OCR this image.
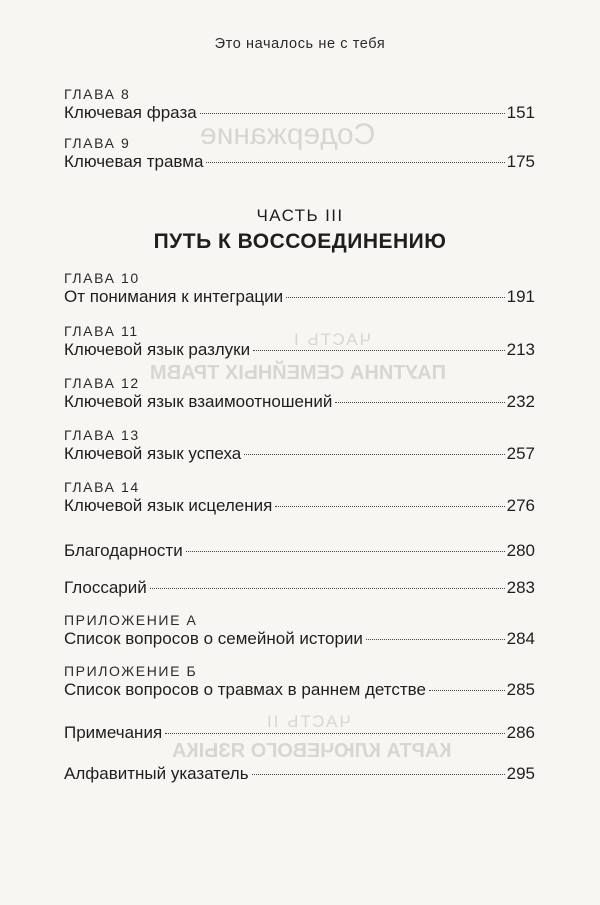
Содержание
ЧАСТЬ I
ПАУТИНА СЕМЕЙНЫХ ТРАВМ
ЧАСТЬ II
КАРТА КЛЮЧЕВОГО ЯЗЫКА
Это началось не с тебя
ГЛАВА 8
Ключевая фраза	151
ГЛАВА 9
Ключевая травма	175
ЧАСТЬ III
ПУТЬ К ВОССОЕДИНЕНИЮ
ГЛАВА 10
От понимания к интеграции	191
ГЛАВА 11
Ключевой язык разлуки	213
ГЛАВА 12
Ключевой язык взаимоотношений	232
ГЛАВА 13
Ключевой язык успеха	257
ГЛАВА 14
Ключевой язык исцеления	276
Благодарности	280
Глоссарий	283
ПРИЛОЖЕНИЕ А
Список вопросов о семейной истории	284
ПРИЛОЖЕНИЕ Б
Список вопросов о травмах в раннем детстве	285
Примечания	286
Алфавитный указатель	295
